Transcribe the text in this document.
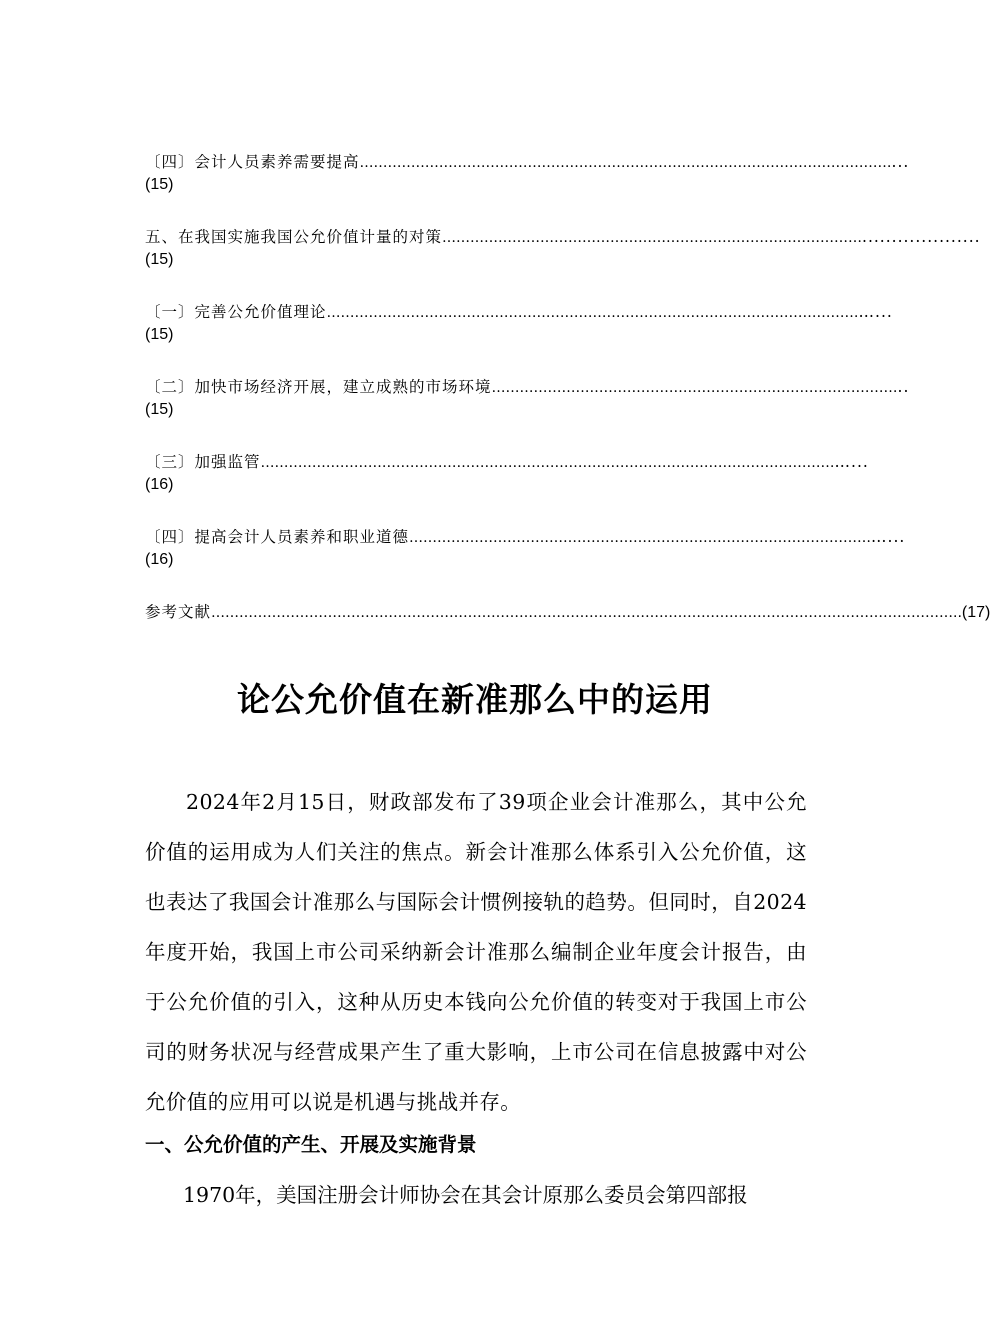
〔四〕会计人员素养需要提高 …………………………………………………………………………………………………… ...
(15)
五、在我国实施我国公允价值计量的对策 ……………………………………………………………………………… ....................
(15)
〔一〕完善公允价值理论 …………………………………………………………………………………………………… …...
(15)
〔二〕加快市场经济开展，建立成熟的市场环境 …………………………………………………………………………… ..
(15)
〔三〕加强监管 …………………………………………………………………………………………………………… …...
(16)
〔四〕提高会计人员素养和职业道德 ……………………………………………………………………………………… …...
(16)
参考文献 …………………………………………………………………………………………………………………………………………… ..(17)
论公允价值在新准那么中的运用

2024年2月15日，财政部发布了39项企业会计准那么，其中公允价值的运用成为人们关注的焦点。新会计准那么体系引入公允价值，这也表达了我国会计准那么与国际会计惯例接轨的趋势。但同时，自2024年度开始，我国上市公司采纳新会计准那么编制企业年度会计报告，由于公允价值的引入，这种从历史本钱向公允价值的转变对于我国上市公司的财务状况与经营成果产生了重大影响，上市公司在信息披露中对公允价值的应用可以说是机遇与挑战并存。

一、公允价值的产生、开展及实施背景

1970年，美国注册会计师协会在其会计原那么委员会第四部报
